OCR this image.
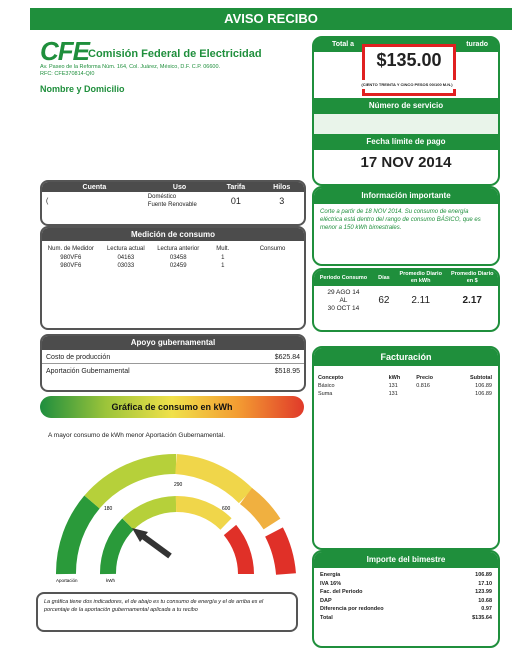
AVISO RECIBO
CFE Comisión Federal de Electricidad
Av. Paseo de la Reforma Núm. 164, Col. Juárez, México, D.F. C.P. 06600.
RFC: CFE370814-QI0
Nombre y Domicilio
Total a	turado
Número de servicio
Fecha límite de pago
17 NOV 2014
$135.00
(CIENTO TREINTA Y CINCO PESOS 00/100 M.N.)
Cuenta	Uso	Tarifa	Hilos
(	Doméstico
Fuente Renovable	01	3
Medición de consumo
Num. de Medidor	Lectura actual	Lectura anterior	Mult.	Consumo
980VF6	04163	03458	1	
980VF6	03033	02459	1	
Apoyo gubernamental
Costo de producción	$625.84
Aportación Gubernamental	$518.95
Gráfica de consumo en kWh
A mayor consumo de kWh menor Aportación Gubernamental.
290
180	600
Aportación	kWh
La gráfica tiene dos indicadores, el de abajo es tu consumo de energía y el de arriba es el porcentaje de la aportación gubernamental aplicada a tu recibo
Información importante
Corte a partir de 18 NOV 2014. Su consumo de energía eléctrica está dentro del rango de consumo BÁSICO, que es menor a 150 kWh bimestrales.
Periodo Consumo	Días	Promedio Diario en kWh	Promedio Diario en $

29 AGO 14
AL
30 OCT 14	62	2.11	2.17
Facturación
Concepto	kWh	Precio	Subtotal
Básico	131	0.816	106.89
Suma	131		106.89
Importe del bimestre
Energía	106.89
IVA 16%	17.10
Fac. del Periodo	123.99
DAP	10.68
Diferencia por redondeo	0.97
Total	$135.64
